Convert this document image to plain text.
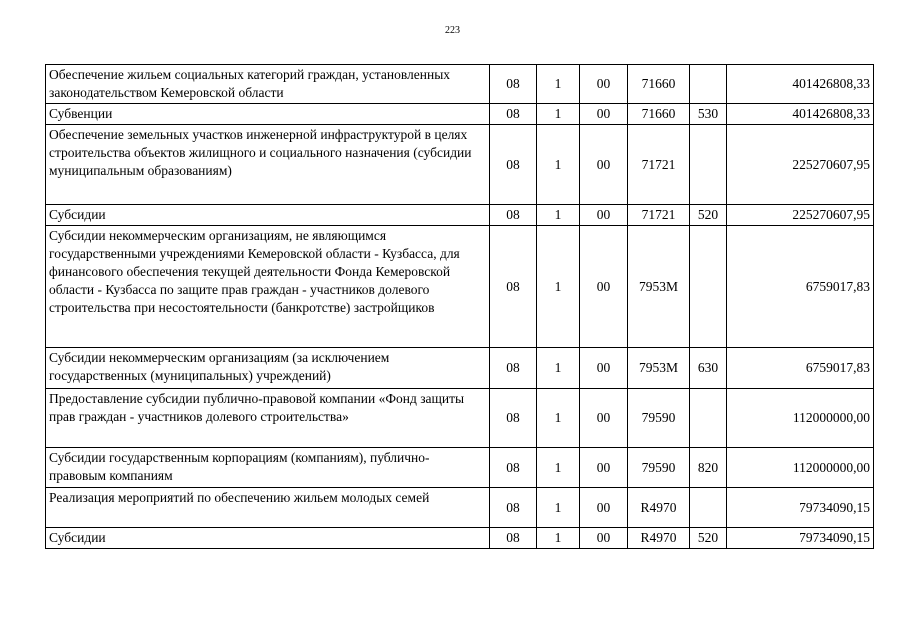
223
Обеспечение жильем социальных категорий граждан, установленных законодательством Кемеровской области	08	1	00	71660		401426808,33
Субвенции	08	1	00	71660	530	401426808,33
Обеспечение земельных участков инженерной инфраструктурой в целях строительства объектов жилищного и социального назначения (субсидии муниципальным образованиям)	08	1	00	71721		225270607,95
Субсидии	08	1	00	71721	520	225270607,95
Субсидии некоммерческим организациям, не являющимся государственными учреждениями Кемеровской области - Кузбасса, для финансового обеспечения текущей деятельности Фонда Кемеровской области - Кузбасса по защите прав граждан - участников долевого строительства при несостоятельности (банкротстве) застройщиков	08	1	00	7953М		6759017,83
Субсидии некоммерческим организациям (за исключением государственных (муниципальных) учреждений)	08	1	00	7953М	630	6759017,83
Предоставление субсидии публично-правовой компании «Фонд защиты прав граждан - участников долевого строительства»	08	1	00	79590		112000000,00
Субсидии государственным корпорациям (компаниям), публично-правовым компаниям	08	1	00	79590	820	112000000,00
Реализация мероприятий по обеспечению жильем молодых семей	08	1	00	R4970		79734090,15
Субсидии	08	1	00	R4970	520	79734090,15
